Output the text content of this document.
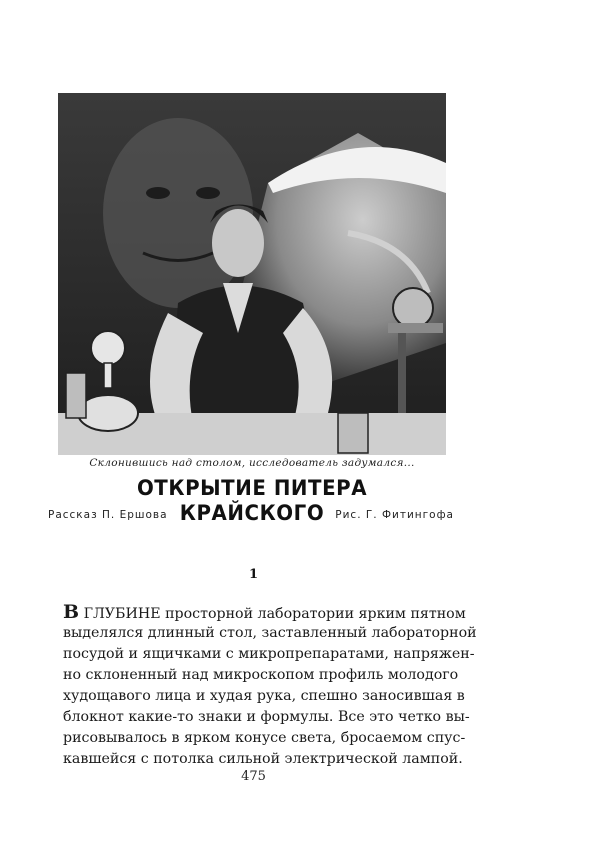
Склонившись над столом, исследователь задумался...
ОТКРЫТИЕ ПИТЕРА КРАЙСКОГО
Рассказ П. Ершова	Рис. Г. Фитингофа
1
В ГЛУБИНЕ просторной лаборатории ярким пятном
выделялся длинный стол, заставленный лабораторной
посудой и ящичками с микропрепаратами, напряжен-
но склоненный над микроскопом профиль молодого
худощавого лица и худая рука, спешно заносившая в
блокнот какие-то знаки и формулы. Все это четко вы-
рисовывалось в ярком конусе света, бросаемом спус-
кавшейся с потолка сильной электрической лампой.
475
